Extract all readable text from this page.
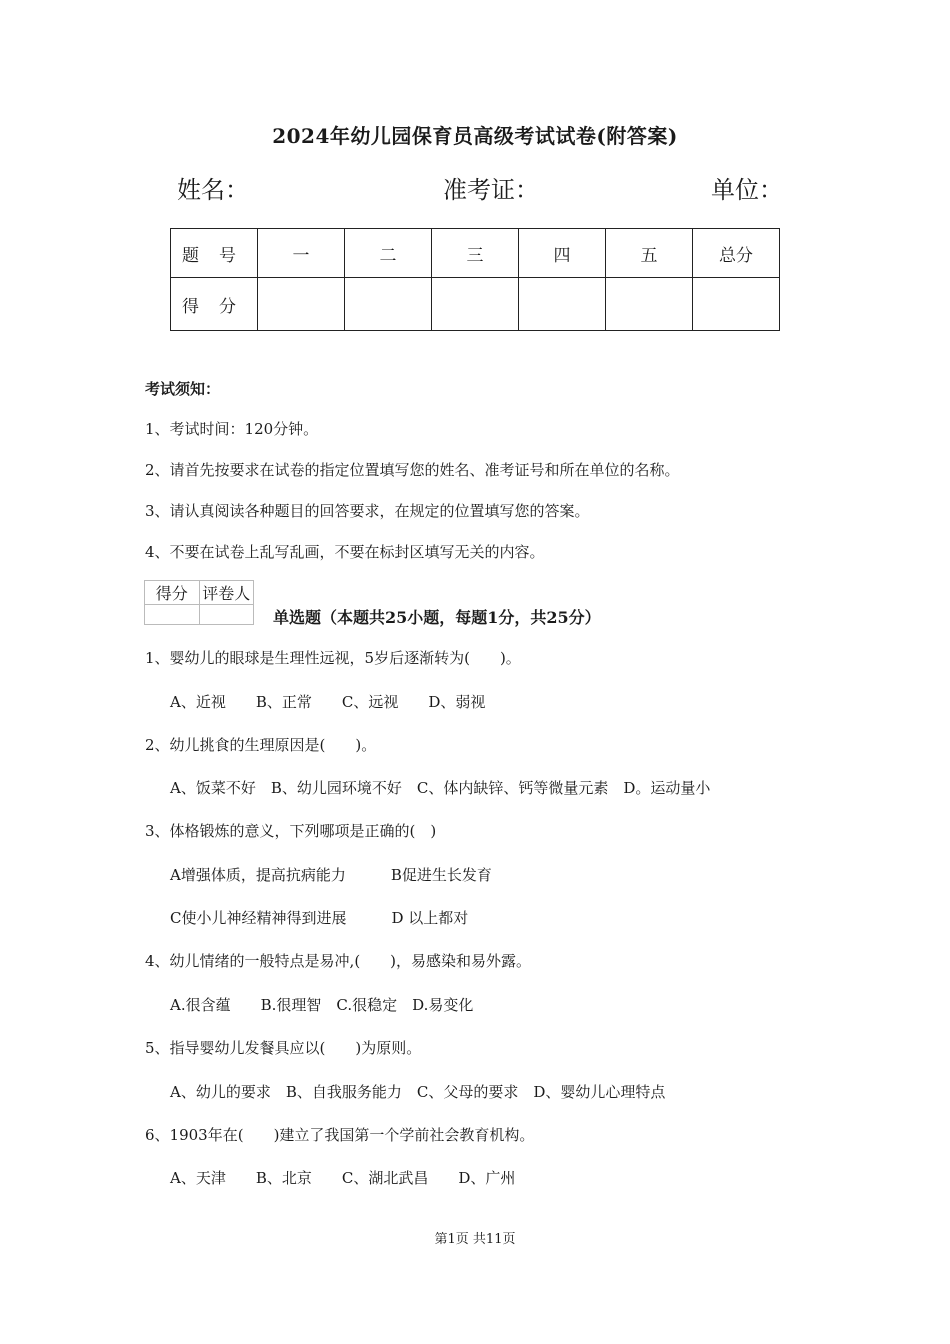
2024年幼儿园保育员高级考试试卷(附答案)
姓名：	准考证：	单位：
题号	一	二	三	四	五	总分
得分						
考试须知：
1、考试时间：120分钟。
2、请首先按要求在试卷的指定位置填写您的姓名、准考证号和所在单位的名称。
3、请认真阅读各种题目的回答要求，在规定的位置填写您的答案。
4、不要在试卷上乱写乱画，不要在标封区填写无关的内容。
得分	评卷人

单选题（本题共25小题，每题1分，共25分）
1、婴幼儿的眼球是生理性远视，5岁后逐渐转为(　　)。
A、近视　　B、正常　　C、远视　　D、弱视
2、幼儿挑食的生理原因是(　　)。
A、饭菜不好　B、幼儿园环境不好　C、体内缺锌、钙等微量元素　D。运动量小
3、体格锻炼的意义，下列哪项是正确的(　)
A增强体质，提高抗病能力　　　B促进生长发育
C使小儿神经精神得到进展　　　D 以上都对
4、幼儿情绪的一般特点是易冲,(　　)，易感染和易外露。
A.很含蕴　　B.很理智　C.很稳定　D.易变化
5、指导婴幼儿发餐具应以(　　)为原则。
A、幼儿的要求　B、自我服务能力　C、父母的要求　D、婴幼儿心理特点
6、1903年在(　　)建立了我国第一个学前社会教育机构。
A、天津　　B、北京　　C、湖北武昌　　D、广州
第1页 共11页
